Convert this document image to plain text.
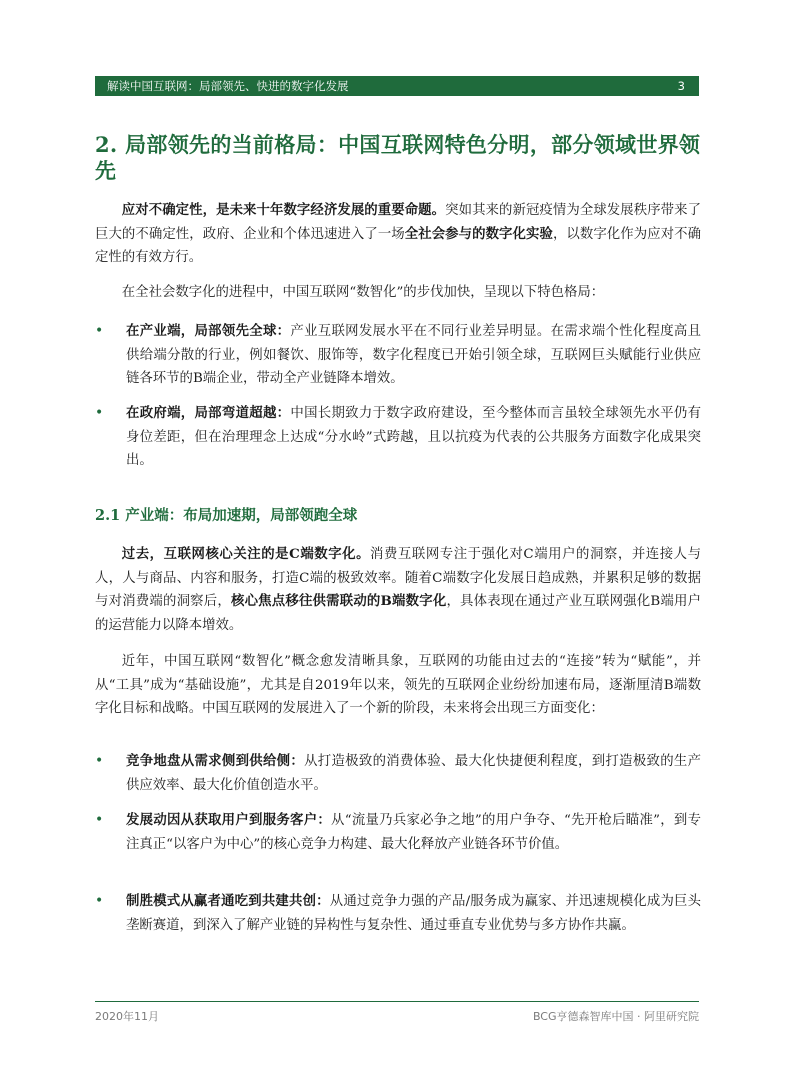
解读中国互联网：局部领先、快进的数字化发展	3
2. 局部领先的当前格局：中国互联网特色分明，部分领域世界领先

应对不确定性，是未来十年数字经济发展的重要命题。突如其来的新冠疫情为全球发展秩序带来了巨大的不确定性，政府、企业和个体迅速进入了一场全社会参与的数字化实验，以数字化作为应对不确定性的有效方行。

在全社会数字化的进程中，中国互联网“数智化”的步伐加快，呈现以下特色格局：

• 在产业端，局部领先全球：产业互联网发展水平在不同行业差异明显。在需求端个性化程度高且供给端分散的行业，例如餐饮、服饰等，数字化程度已开始引领全球，互联网巨头赋能行业供应链各环节的B端企业，带动全产业链降本增效。

• 在政府端，局部弯道超越：中国长期致力于数字政府建设，至今整体而言虽较全球领先水平仍有身位差距，但在治理理念上达成“分水岭”式跨越，且以抗疫为代表的公共服务方面数字化成果突出。

2.1 产业端：布局加速期，局部领跑全球

过去，互联网核心关注的是C端数字化。消费互联网专注于强化对C端用户的洞察，并连接人与人，人与商品、内容和服务，打造C端的极致效率。随着C端数字化发展日趋成熟，并累积足够的数据与对消费端的洞察后，核心焦点移往供需联动的B端数字化，具体表现在通过产业互联网强化B端用户的运营能力以降本增效。

近年，中国互联网“数智化”概念愈发清晰具象，互联网的功能由过去的“连接”转为“赋能”，并从“工具”成为“基础设施”，尤其是自2019年以来，领先的互联网企业纷纷加速布局，逐渐厘清B端数字化目标和战略。中国互联网的发展进入了一个新的阶段，未来将会出现三方面变化：

• 竞争地盘从需求侧到供给侧：从打造极致的消费体验、最大化快捷便利程度，到打造极致的生产供应效率、最大化价值创造水平。

• 发展动因从获取用户到服务客户：从“流量乃兵家必争之地”的用户争夺、“先开枪后瞄准”，到专注真正“以客户为中心”的核心竞争力构建、最大化释放产业链各环节价值。

• 制胜模式从赢者通吃到共建共创：从通过竞争力强的产品/服务成为赢家、并迅速规模化成为巨头垄断赛道，到深入了解产业链的异构性与复杂性、通过垂直专业优势与多方协作共赢。

2020年11月	BCG亨德森智库中国 · 阿里研究院
